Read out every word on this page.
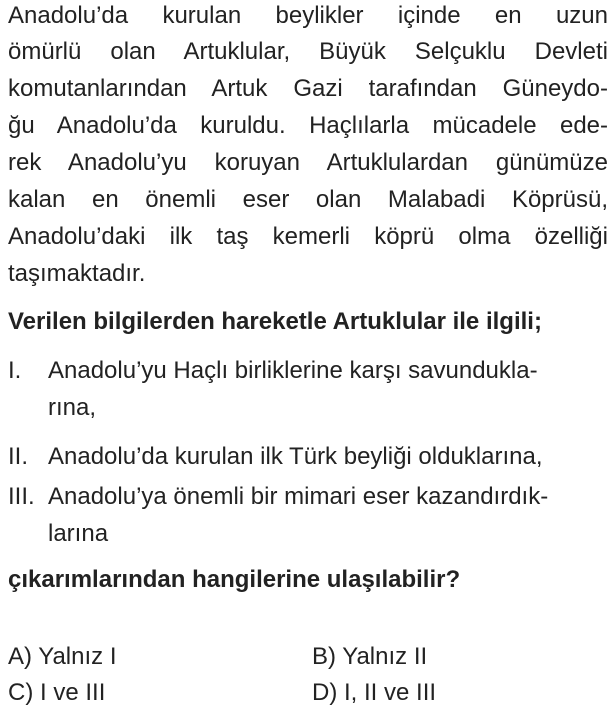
Anadolu’da kurulan beylikler içinde en uzun
ömürlü olan Artuklular, Büyük Selçuklu Devleti
komutanlarından Artuk Gazi tarafından Güneydo-
ğu Anadolu’da kuruldu. Haçlılarla mücadele ede-
rek Anadolu’yu koruyan Artuklulardan günümüze
kalan en önemli eser olan Malabadi Köprüsü,
Anadolu’daki ilk taş kemerli köprü olma özelliği
taşımaktadır.
Verilen bilgilerden hareketle Artuklular ile ilgili;
I. Anadolu’yu Haçlı birliklerine karşı savundukla-
rına,
II. Anadolu’da kurulan ilk Türk beyliği olduklarına,
III. Anadolu’ya önemli bir mimari eser kazandırdık-
larına
çıkarımlarından hangilerine ulaşılabilir?
A) Yalnız I	B) Yalnız II
C) I ve III	D) I, II ve III
